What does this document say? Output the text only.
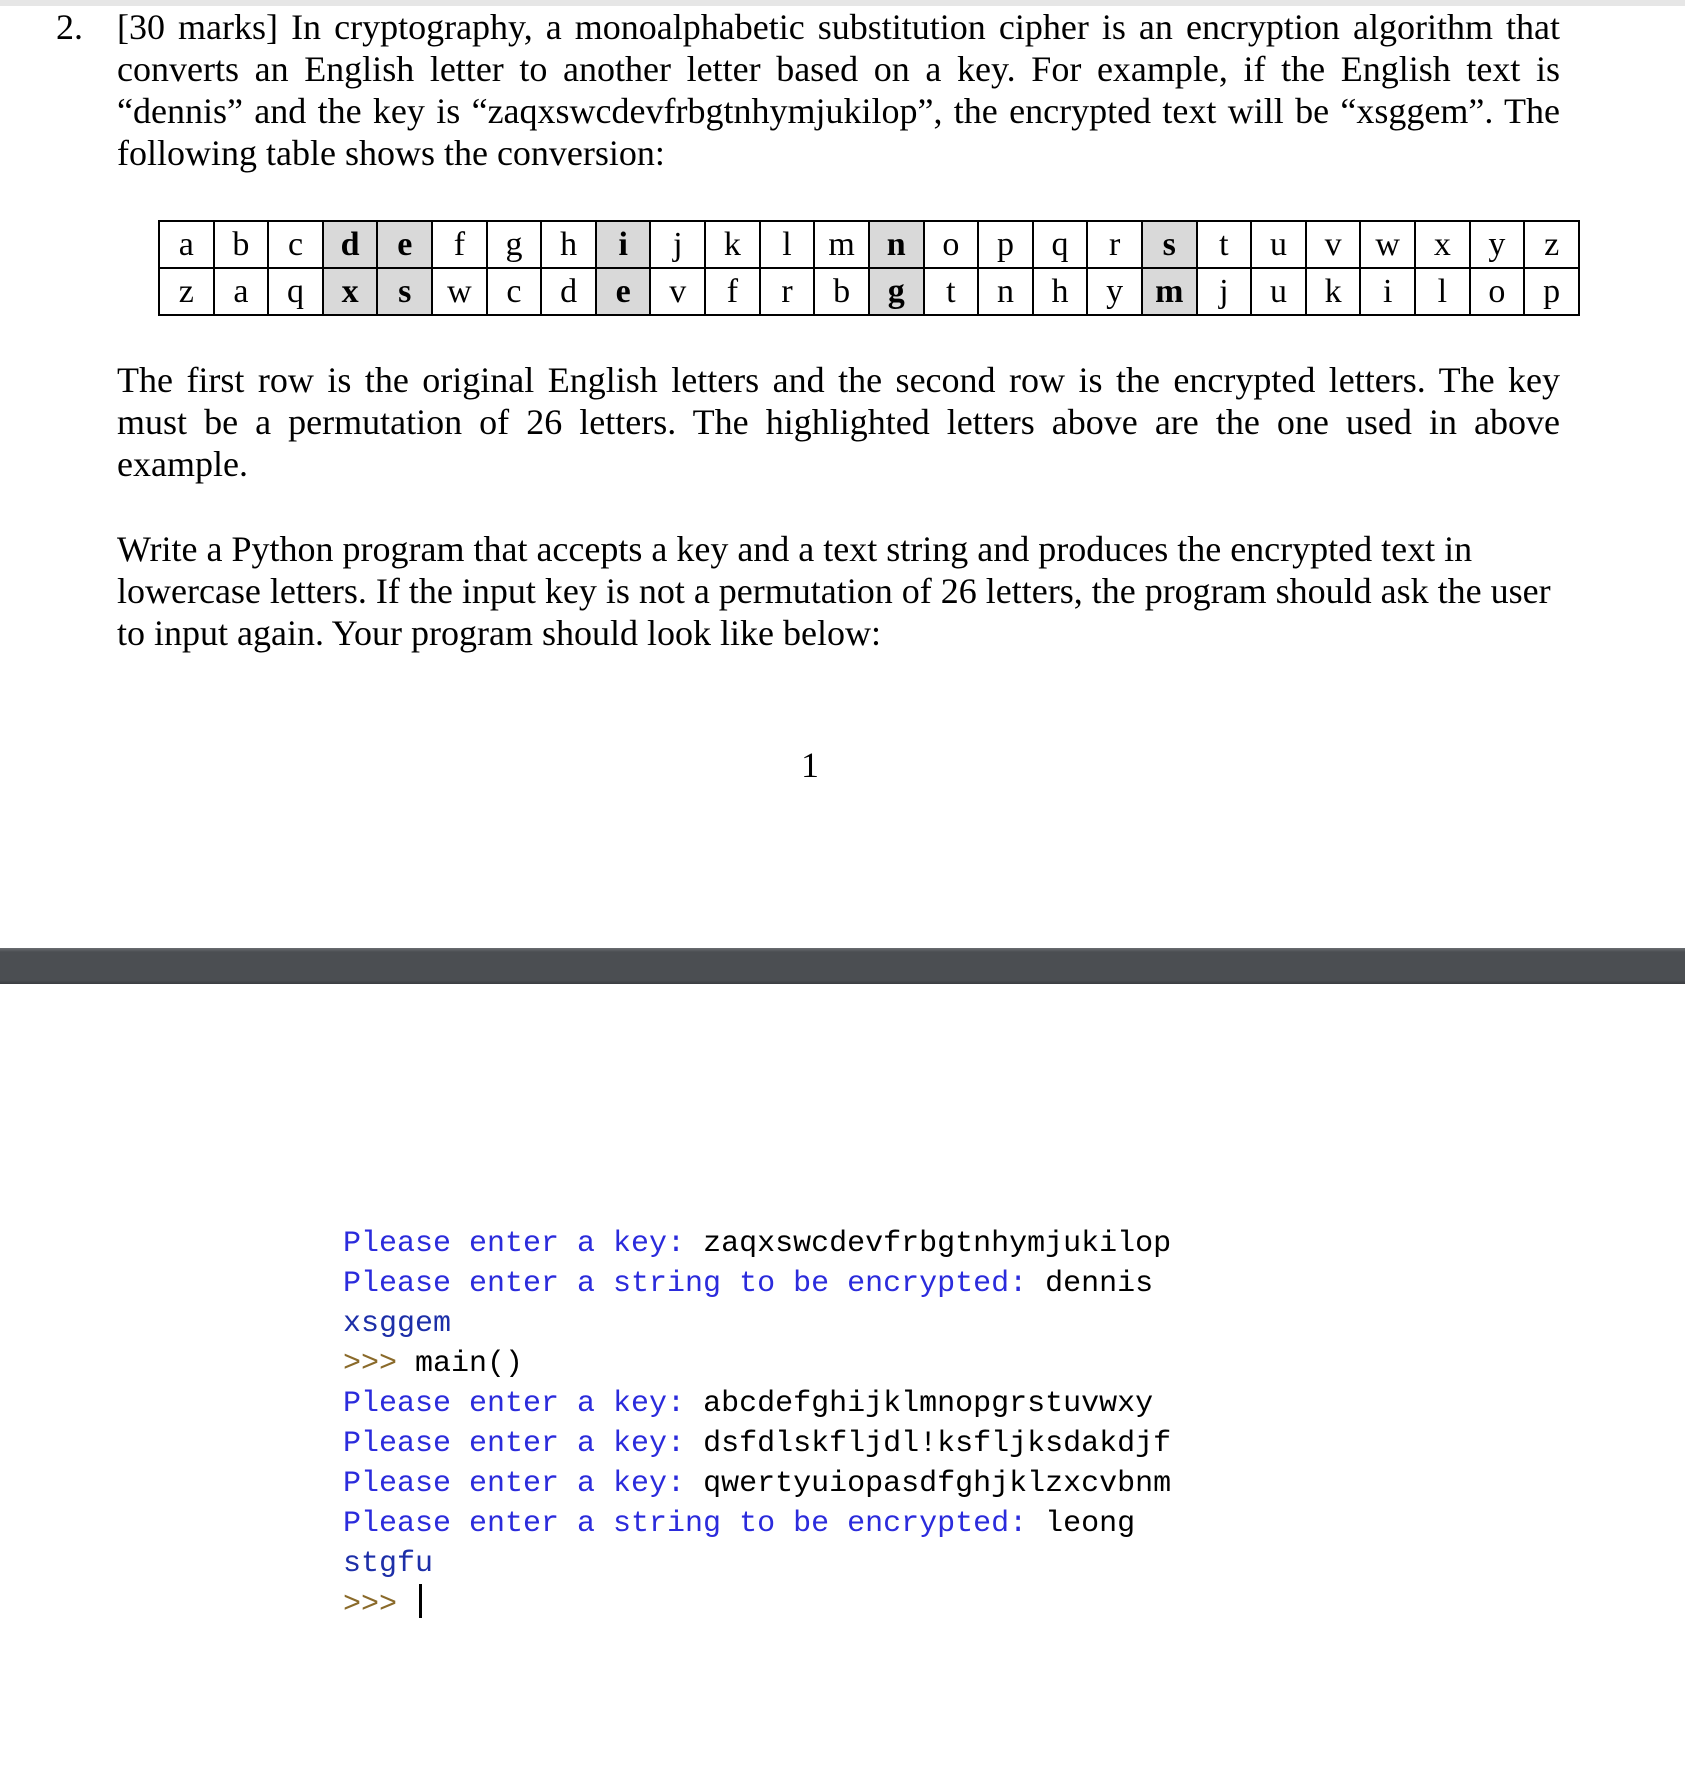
2. [30 marks] In cryptography, a monoalphabetic substitution cipher is an encryption algorithm that converts an English letter to another letter based on a key. For example, if the English text is “dennis” and the key is “zaqxswcdevfrbgtnhymjukilop”, the encrypted text will be “xsggem”. The following table shows the conversion:

a	b	c	d	e	f	g	h	i	j	k	l	m	n	o	p	q	r	s	t	u	v	w	x	y	z
z	a	q	x	s	w	c	d	e	v	f	r	b	g	t	n	h	y	m	j	u	k	i	l	o	p

The first row is the original English letters and the second row is the encrypted letters. The key must be a permutation of 26 letters. The highlighted letters above are the one used in above example.

Write a Python program that accepts a key and a text string and produces the encrypted text in lowercase letters. If the input key is not a permutation of 26 letters, the program should ask the user to input again. Your program should look like below:

1
Please enter a key: zaqxswcdevfrbgtnhymjukilop
Please enter a string to be encrypted: dennis
xsggem
>>> main()
Please enter a key: abcdefghijklmnopgrstuvwxy
Please enter a key: dsfdlskfljdl!ksfljksdakdjf
Please enter a key: qwertyuiopasdfghjklzxcvbnm
Please enter a string to be encrypted: leong
stgfu
>>>
